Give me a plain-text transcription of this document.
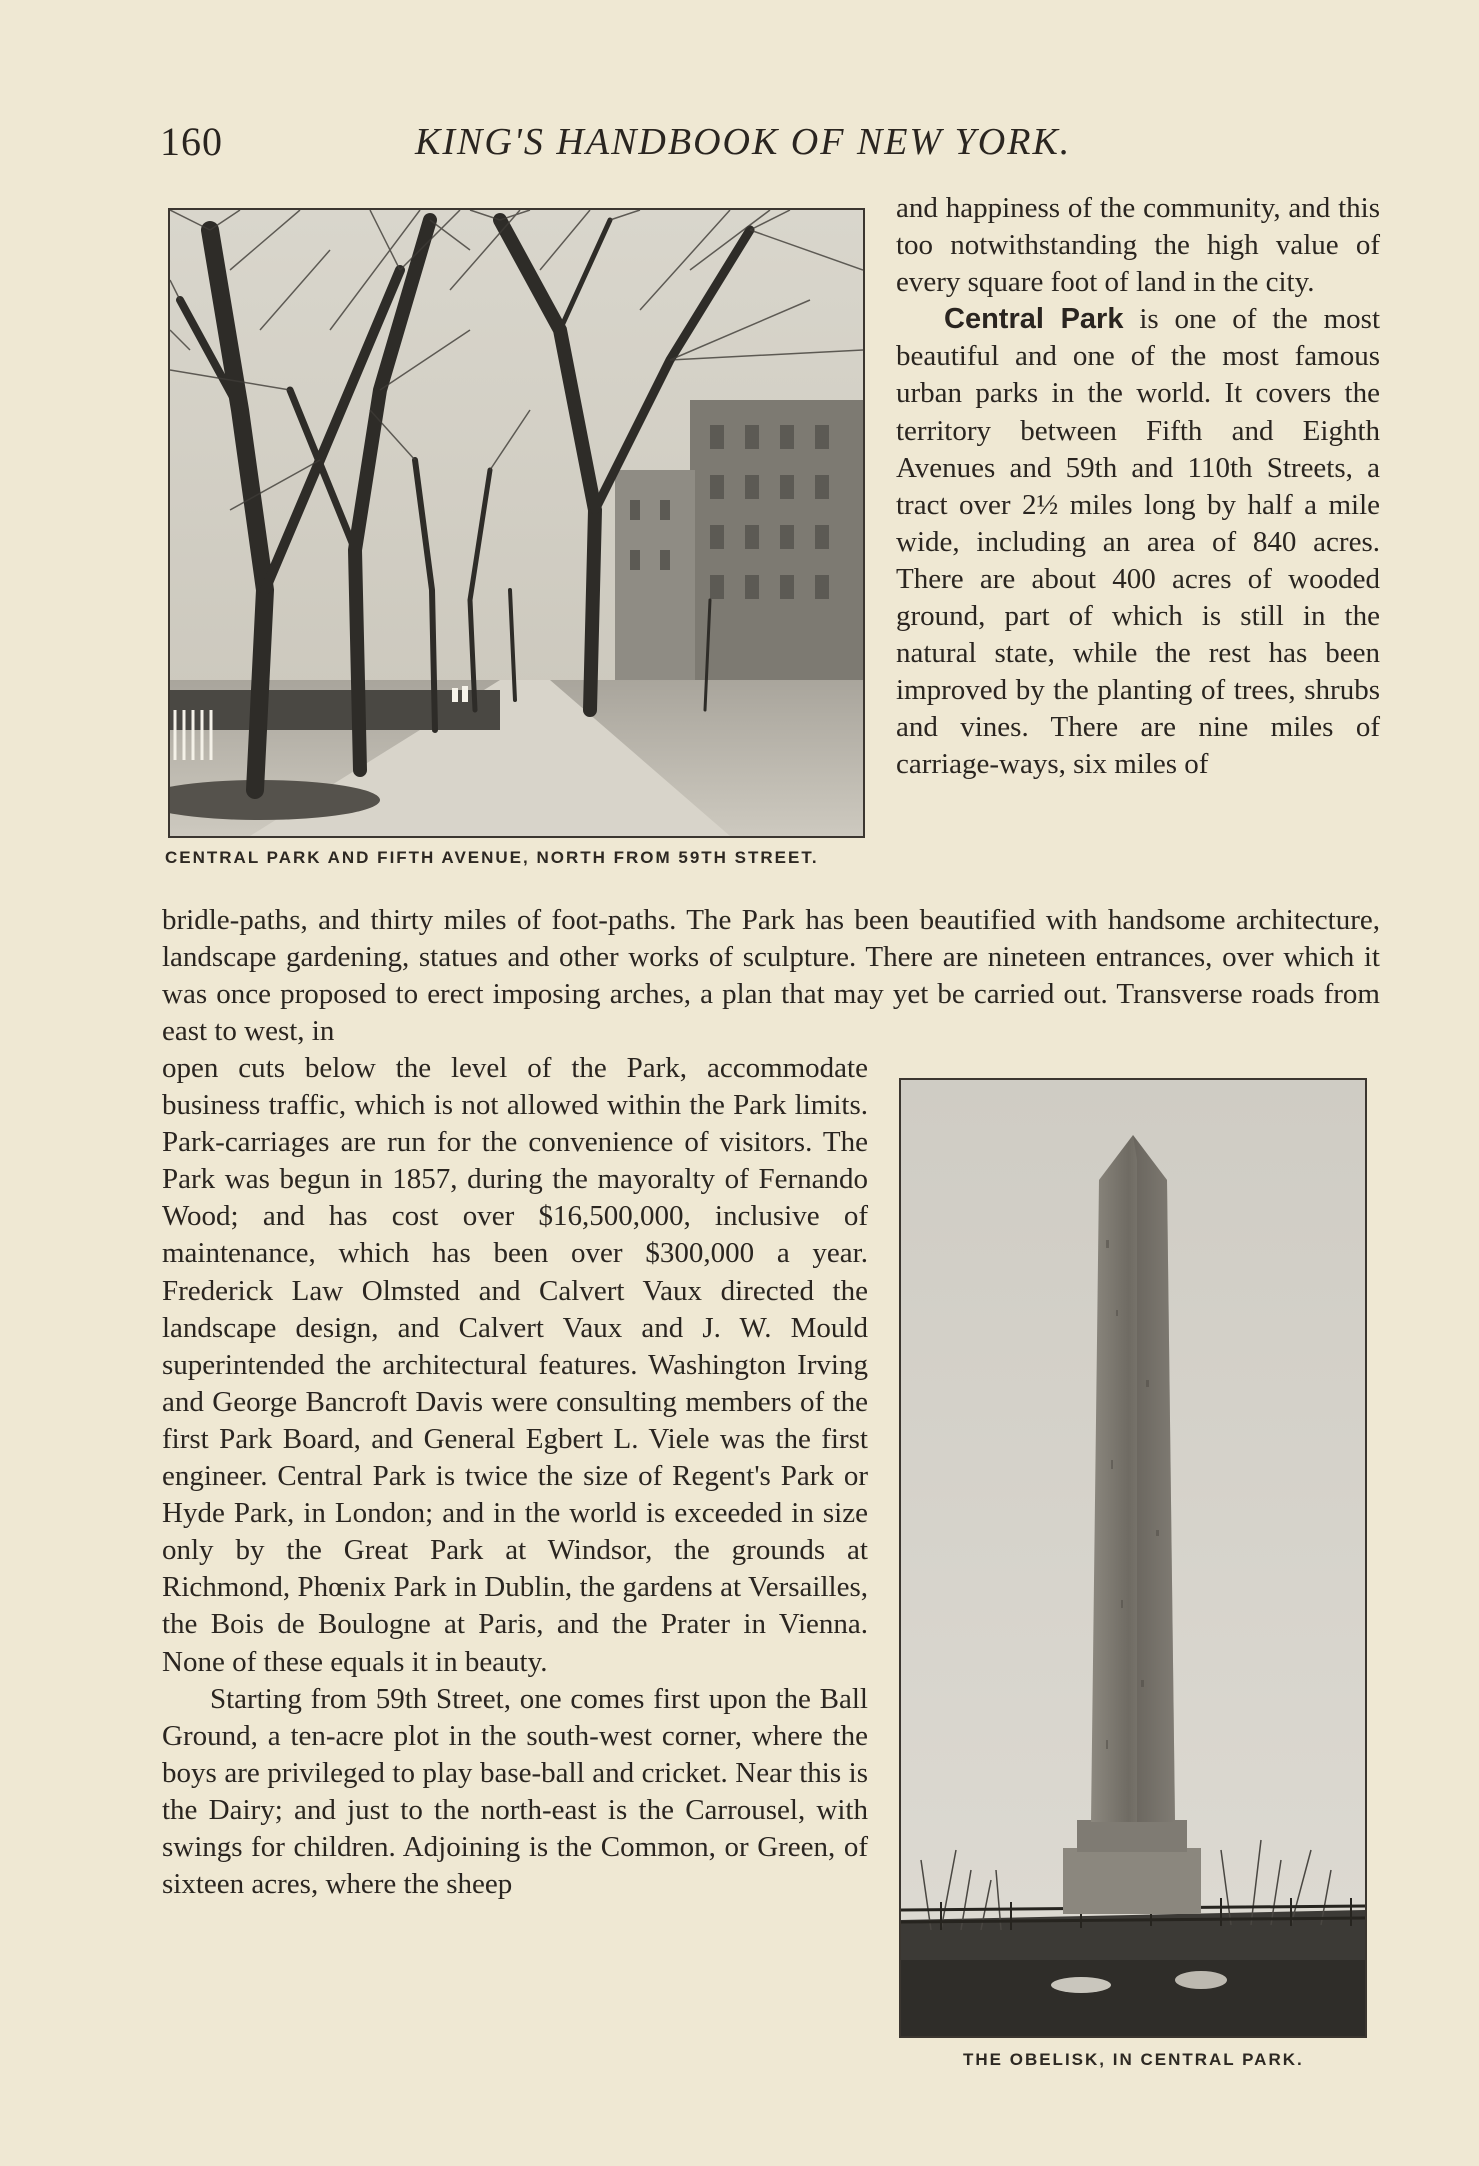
160	KING'S HANDBOOK OF NEW YORK.
CENTRAL PARK AND FIFTH AVENUE, NORTH FROM 59TH STREET.

and happiness of the community, and this too notwithstanding the high value of every square foot of land in the city.

Central Park is one of the most beautiful and one of the most famous urban parks in the world. It covers the territory between Fifth and Eighth Avenues and 59th and 110th Streets, a tract over 2½ miles long by half a mile wide, including an area of 840 acres. There are about 400 acres of wooded ground, part of which is still in the natural state, while the rest has been improved by the planting of trees, shrubs and vines. There are nine miles of carriage-ways, six miles of

bridle-paths, and thirty miles of foot-paths. The Park has been beautified with handsome architecture, landscape gardening, statues and other works of sculpture. There are nineteen entrances, over which it was once proposed to erect imposing arches, a plan that may yet be carried out. Transverse roads from east to west, in

open cuts below the level of the Park, accommodate business traffic, which is not allowed within the Park limits. Park-carriages are run for the convenience of visitors. The Park was begun in 1857, during the mayoralty of Fernando Wood; and has cost over $16,500,000, inclusive of maintenance, which has been over $300,000 a year. Frederick Law Olmsted and Calvert Vaux directed the landscape design, and Calvert Vaux and J. W. Mould superintended the architectural features. Washington Irving and George Bancroft Davis were consulting members of the first Park Board, and General Egbert L. Viele was the first engineer. Central Park is twice the size of Regent's Park or Hyde Park, in London; and in the world is exceeded in size only by the Great Park at Windsor, the grounds at Richmond, Phœnix Park in Dublin, the gardens at Versailles, the Bois de Boulogne at Paris, and the Prater in Vienna. None of these equals it in beauty.

Starting from 59th Street, one comes first upon the Ball Ground, a ten-acre plot in the south-west corner, where the boys are privileged to play base-ball and cricket. Near this is the Dairy; and just to the north-east is the Carrousel, with swings for children. Adjoining is the Common, or Green, of sixteen acres, where the sheep

THE OBELISK, IN CENTRAL PARK.
